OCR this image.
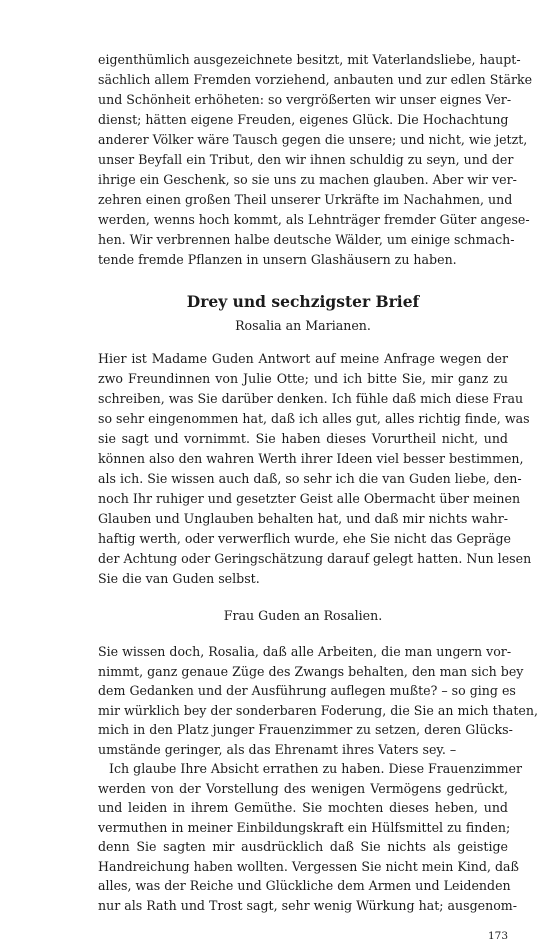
eigenthümlich ausgezeichnete besitzt, mit Vaterlandsliebe, haupt-
sächlich allem Fremden vorziehend, anbauten und zur edlen Stärke
und Schönheit erhöheten: so vergrößerten wir unser eignes Ver-
dienst; hätten eigene Freuden, eigenes Glück. Die Hochachtung
anderer Völker wäre Tausch gegen die unsere; und nicht, wie jetzt,
unser Beyfall ein Tribut, den wir ihnen schuldig zu seyn, und der
ihrige ein Geschenk, so sie uns zu machen glauben. Aber wir ver-
zehren einen großen Theil unserer Urkräfte im Nachahmen, und
werden, wenns hoch kommt, als Lehnträger fremder Güter angese-
hen. Wir verbrennen halbe deutsche Wälder, um einige schmach-
tende fremde Pflanzen in unsern Glashäusern zu haben.
Drey und sechzigster Brief
Rosalia an Marianen.
Hier ist Madame Guden Antwort auf meine Anfrage wegen der
zwo Freundinnen von Julie Otte; und ich bitte Sie, mir ganz zu
schreiben, was Sie darüber denken. Ich fühle daß mich diese Frau
so sehr eingenommen hat, daß ich alles gut, alles richtig finde, was
sie sagt und vornimmt. Sie haben dieses Vorurtheil nicht, und
können also den wahren Werth ihrer Ideen viel besser bestimmen,
als ich. Sie wissen auch daß, so sehr ich die van Guden liebe, den-
noch Ihr ruhiger und gesetzter Geist alle Obermacht über meinen
Glauben und Unglauben behalten hat, und daß mir nichts wahr-
haftig werth, oder verwerflich wurde, ehe Sie nicht das Gepräge
der Achtung oder Geringschätzung darauf gelegt hatten. Nun lesen
Sie die van Guden selbst.
Frau Guden an Rosalien.
Sie wissen doch, Rosalia, daß alle Arbeiten, die man ungern vor-
nimmt, ganz genaue Züge des Zwangs behalten, den man sich bey
dem Gedanken und der Ausführung auflegen mußte? – so ging es
mir würklich bey der sonderbaren Foderung, die Sie an mich thaten,
mich in den Platz junger Frauenzimmer zu setzen, deren Glücks-
umstände geringer, als das Ehrenamt ihres Vaters sey. –
Ich glaube Ihre Absicht errathen zu haben. Diese Frauenzimmer
werden von der Vorstellung des wenigen Vermögens gedrückt,
und leiden in ihrem Gemüthe. Sie mochten dieses heben, und
vermuthen in meiner Einbildungskraft ein Hülfsmittel zu finden;
denn Sie sagten mir ausdrücklich daß Sie nichts als geistige
Handreichung haben wollten. Vergessen Sie nicht mein Kind, daß
alles, was der Reiche und Glückliche dem Armen und Leidenden
nur als Rath und Trost sagt, sehr wenig Würkung hat; ausgenom-
173
